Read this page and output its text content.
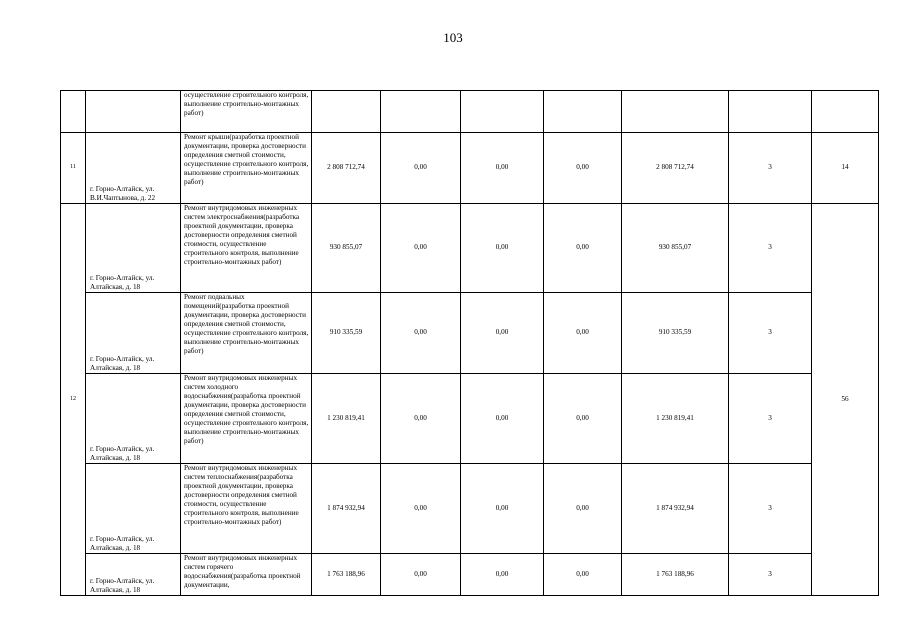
103
		осуществление строительного контроля, выполнение строительно-монтажных работ)							
11	г. Горно-Алтайск, ул. В.И.Чаптынова, д. 22	Ремонт крыши(разработка проектной документации, проверка достоверности определения сметной стоимости, осуществление строительного контроля, выполнение строительно-монтажных работ)	2 808 712,74	0,00	0,00	0,00	2 808 712,74	3	14
12	г. Горно-Алтайск, ул. Алтайская, д. 18	Ремонт внутридомовых инженерных систем электроснабжения(разработка проектной документации, проверка достоверности определения сметной стоимости, осуществление строительного контроля, выполнение строительно-монтажных работ)	930 855,07	0,00	0,00	0,00	930 855,07	3	56
	г. Горно-Алтайск, ул. Алтайская, д. 18	Ремонт подвальных помещений(разработка проектной документации, проверка достоверности определения сметной стоимости, осуществление строительного контроля, выполнение строительно-монтажных работ)	910 335,59	0,00	0,00	0,00	910 335,59	3	
	г. Горно-Алтайск, ул. Алтайская, д. 18	Ремонт внутридомовых инженерных систем холодного водоснабжения(разработка проектной документации, проверка достоверности определения сметной стоимости, осуществление строительного контроля, выполнение строительно-монтажных работ)	1 230 819,41	0,00	0,00	0,00	1 230 819,41	3	
	г. Горно-Алтайск, ул. Алтайская, д. 18	Ремонт внутридомовых инженерных систем теплоснабжения(разработка проектной документации, проверка достоверности определения сметной стоимости, осуществление строительного контроля, выполнение строительно-монтажных работ)	1 874 932,94	0,00	0,00	0,00	1 874 932,94	3	
	г. Горно-Алтайск, ул. Алтайская, д. 18	Ремонт внутридомовых инженерных систем горячего водоснабжения(разработка проектной документации,	1 763 188,96	0,00	0,00	0,00	1 763 188,96	3	
